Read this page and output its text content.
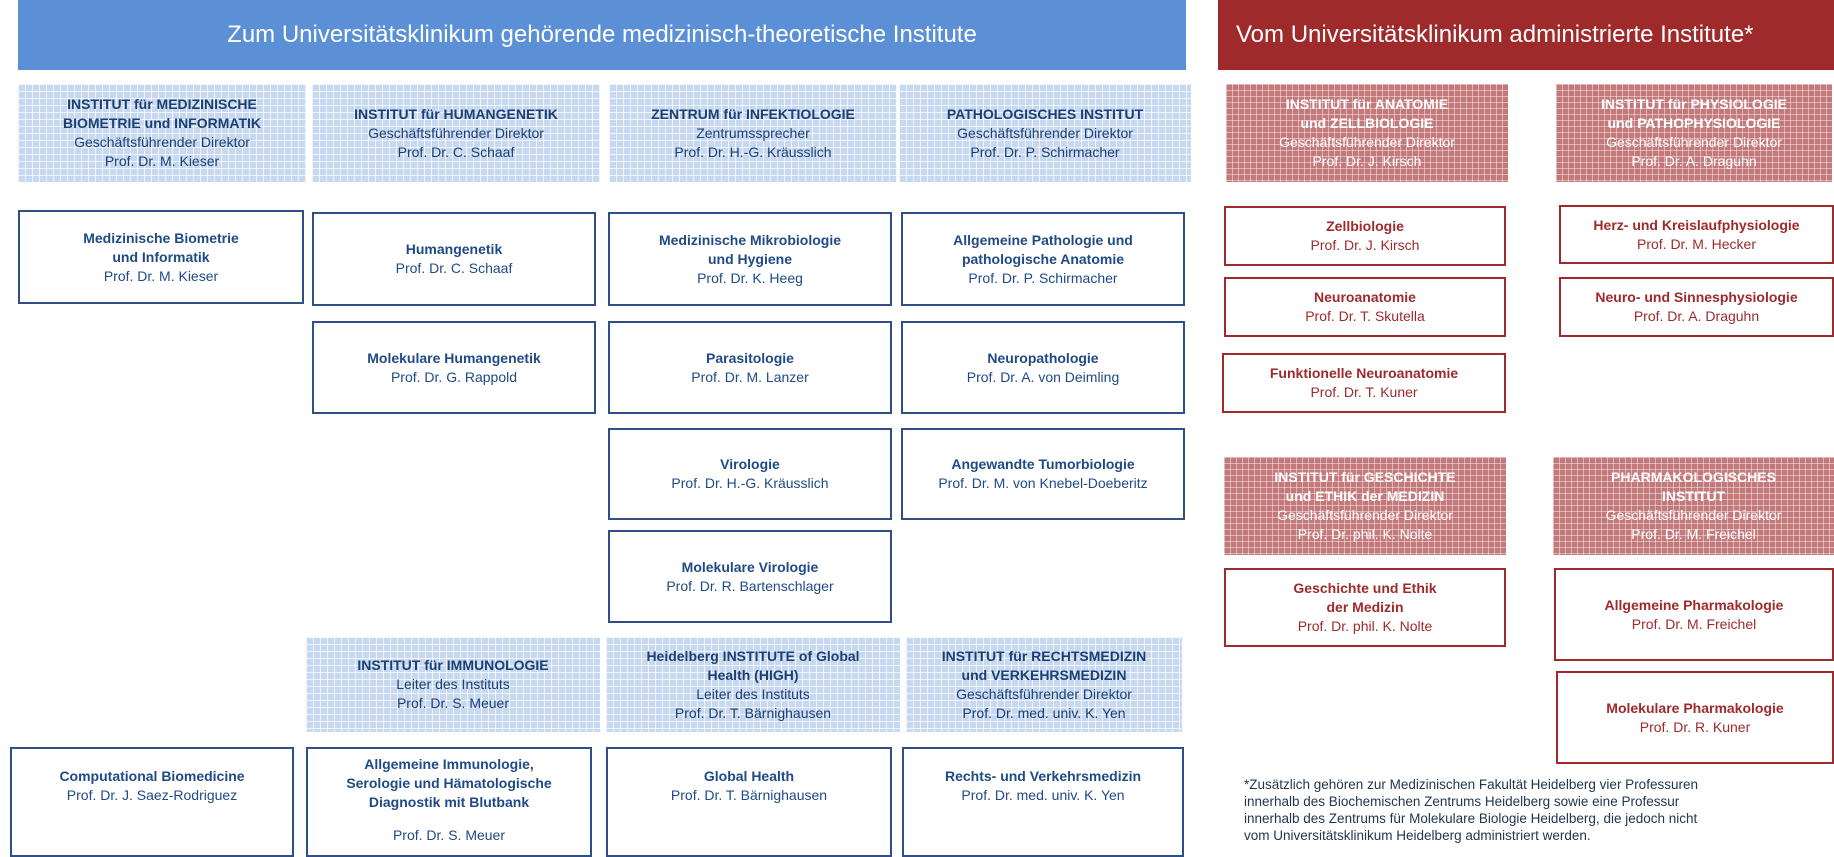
Zum Universitätsklinikum gehörende medizinisch-theoretische Institute	Vom Universitätsklinikum administrierte Institute*
INSTITUT für MEDIZINISCHE
BIOMETRIE und INFORMATIK
Geschäftsführender Direktor
Prof. Dr. M. Kieser
INSTITUT für HUMANGENETIK
Geschäftsführender Direktor
Prof. Dr. C. Schaaf
ZENTRUM für INFEKTIOLOGIE
Zentrumssprecher
Prof. Dr. H.-G. Kräusslich
PATHOLOGISCHES INSTITUT
Geschäftsführender Direktor
Prof. Dr. P. Schirmacher
INSTITUT für IMMUNOLOGIE
Leiter des Instituts
Prof. Dr. S. Meuer
Heidelberg INSTITUTE of Global
Health (HIGH)
Leiter des Instituts
Prof. Dr. T. Bärnighausen
INSTITUT für RECHTSMEDIZIN
und VERKEHRSMEDIZIN
Geschäftsführender Direktor
Prof. Dr. med. univ. K. Yen
INSTITUT für ANATOMIE
und ZELLBIOLOGIE
Geschäftsführender Direktor
Prof. Dr. J. Kirsch
INSTITUT für PHYSIOLOGIE
und PATHOPHYSIOLOGIE
Geschäftsführender Direktor
Prof. Dr. A. Draguhn
INSTITUT für GESCHICHTE
und ETHIK der MEDIZIN
Geschäftsführender Direktor
Prof. Dr. phil. K. Nolte
PHARMAKOLOGISCHES
INSTITUT
Geschäftsführender Direktor
Prof. Dr. M. Freichel
Medizinische Biometrie
und Informatik
Prof. Dr. M. Kieser
Humangenetik
Prof. Dr. C. Schaaf
Molekulare Humangenetik
Prof. Dr. G. Rappold
Medizinische Mikrobiologie
und Hygiene
Prof. Dr. K. Heeg
Parasitologie
Prof. Dr. M. Lanzer
Virologie
Prof. Dr. H.-G. Kräusslich
Molekulare Virologie
Prof. Dr. R. Bartenschlager
Allgemeine Pathologie und
pathologische Anatomie
Prof. Dr. P. Schirmacher
Neuropathologie
Prof. Dr. A. von Deimling
Angewandte Tumorbiologie
Prof. Dr. M. von Knebel-Doeberitz
Computational Biomedicine
Prof. Dr. J. Saez-Rodriguez
Allgemeine Immunologie,
Serologie und Hämatologische
Diagnostik mit Blutbank
Prof. Dr. S. Meuer
Global Health
Prof. Dr. T. Bärnighausen
Rechts- und Verkehrsmedizin
Prof. Dr. med. univ. K. Yen
Zellbiologie
Prof. Dr. J. Kirsch
Neuroanatomie
Prof. Dr. T. Skutella
Funktionelle Neuroanatomie
Prof. Dr. T. Kuner
Herz- und Kreislaufphysiologie
Prof. Dr. M. Hecker
Neuro- und Sinnesphysiologie
Prof. Dr. A. Draguhn
Geschichte und Ethik
der Medizin
Prof. Dr. phil. K. Nolte
Allgemeine Pharmakologie
Prof. Dr. M. Freichel
Molekulare Pharmakologie
Prof. Dr. R. Kuner
*Zusätzlich gehören zur Medizinischen Fakultät Heidelberg vier Professuren
innerhalb des Biochemischen Zentrums Heidelberg sowie eine Professur
innerhalb des Zentrums für Molekulare Biologie Heidelberg, die jedoch nicht
vom Universitätsklinikum Heidelberg administriert werden.
